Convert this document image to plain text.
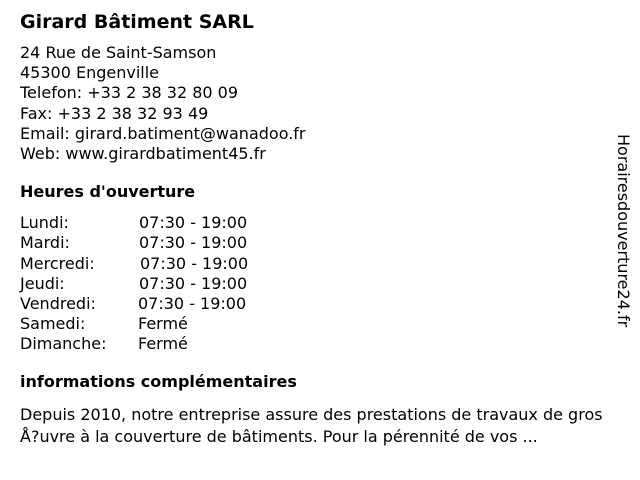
Girard Bâtiment SARL
24 Rue de Saint-Samson
45300 Engenville
Telefon: +33 2 38 32 80 09
Fax: +33 2 38 32 93 49
Email: girard.batiment@wanadoo.fr
Web: www.girardbatiment45.fr
Heures d'ouverture
Lundi:	07:30 - 19:00
Mardi:	07:30 - 19:00
Mercredi:	07:30 - 19:00
Jeudi:	07:30 - 19:00
Vendredi:	07:30 - 19:00
Samedi:	Fermé
Dimanche:	Fermé
informations complémentaires

Depuis 2010, notre entreprise assure des prestations de travaux de gros Å?uvre à la couverture de bâtiments. Pour la pérennité de vos ...

Horairesdouverture24.fr
